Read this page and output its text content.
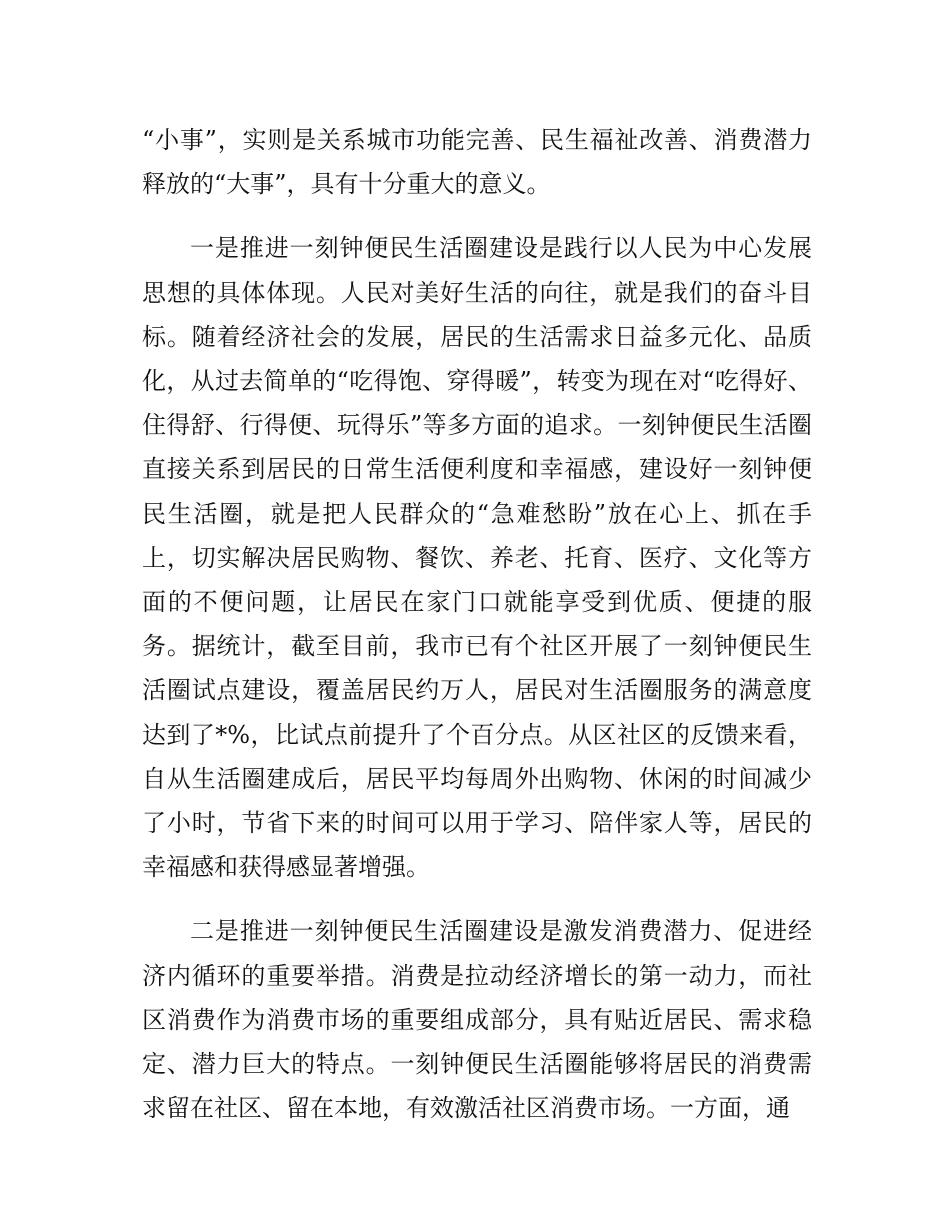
“小事”，实则是关系城市功能完善、民生福祉改善、消费潜力释放的“大事”，具有十分重大的意义。

一是推进一刻钟便民生活圈建设是践行以人民为中心发展思想的具体体现。人民对美好生活的向往，就是我们的奋斗目标。随着经济社会的发展，居民的生活需求日益多元化、品质化，从过去简单的“吃得饱、穿得暖”，转变为现在对“吃得好、住得舒、行得便、玩得乐”等多方面的追求。一刻钟便民生活圈直接关系到居民的日常生活便利度和幸福感，建设好一刻钟便民生活圈，就是把人民群众的“急难愁盼”放在心上、抓在手上，切实解决居民购物、餐饮、养老、托育、医疗、文化等方面的不便问题，让居民在家门口就能享受到优质、便捷的服务。据统计，截至目前，我市已有个社区开展了一刻钟便民生活圈试点建设，覆盖居民约万人，居民对生活圈服务的满意度达到了*%，比试点前提升了个百分点。从区社区的反馈来看，自从生活圈建成后，居民平均每周外出购物、休闲的时间减少了小时，节省下来的时间可以用于学习、陪伴家人等，居民的幸福感和获得感显著增强。

二是推进一刻钟便民生活圈建设是激发消费潜力、促进经济内循环的重要举措。消费是拉动经济增长的第一动力，而社区消费作为消费市场的重要组成部分，具有贴近居民、需求稳定、潜力巨大的特点。一刻钟便民生活圈能够将居民的消费需求留在社区、留在本地，有效激活社区消费市场。一方面，通
